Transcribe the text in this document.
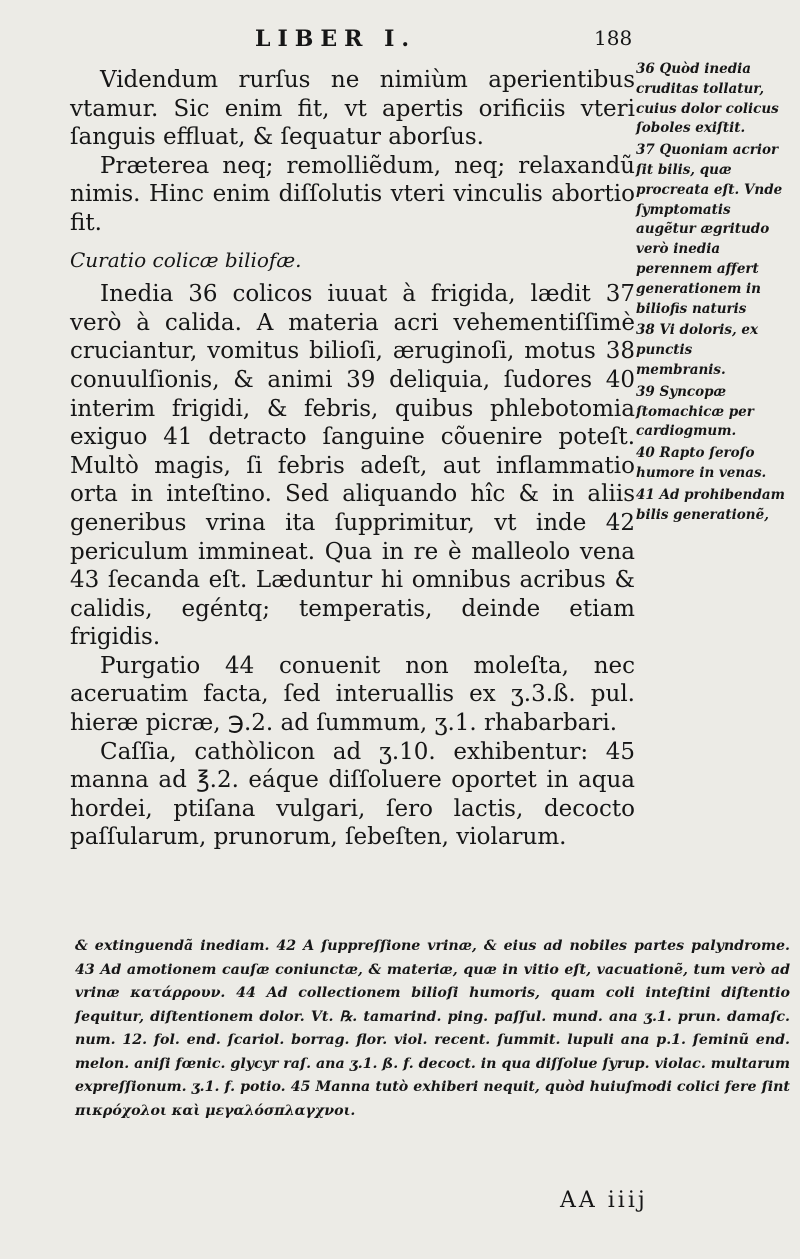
LIBER I.	188

Videndum rurſus ne nimiùm aperientibus vtamur. Sic enim fit, vt apertis orificiis vteri ſanguis effluat, & ſequatur aborſus.

Præterea neq; remolliẽdum, neq; relaxandũ nimis. Hinc enim diſſolutis vteri vinculis abortio fit.

Curatio colicæ biliofæ.

Inedia 36 colicos iuuat à frigida, lædit 37 verò à calida. A materia acri vehementiſſimè cruciantur, vomitus bilioſi, æruginoſi, motus 38 conuulſionis, & animi 39 deliquia, ſudores 40 interim frigidi, & febris, quibus phlebotomia exiguo 41 detracto ſanguine cõuenire poteſt. Multò magis, ſi febris adeſt, aut inflammatio orta in inteſtino. Sed aliquando hîc & in aliis generibus vrina ita ſupprimitur, vt inde 42 periculum immineat. Qua in re è malleolo vena 43 ſecanda eſt. Læduntur hi omnibus acribus & calidis, egéntq; temperatis, deinde etiam frigidis.

Purgatio 44 conuenit non moleſta, nec aceruatim facta, ſed interuallis ex ʒ.3.ß. pul. hieræ picræ, ℈.2. ad ſummum, ʒ.1. rhabarbari.

Caſſia, cathòlicon ad ʒ.10. exhibentur: 45 manna ad ℥.2. eáque diſſoluere oportet in aqua hordei, ptiſana vulgari, ſero lactis, decocto paſſularum, prunorum, ſebeſten, violarum.

36 Quòd inedia cruditas tollatur, cuius dolor colicus ſoboles exiſtit.

37 Quoniam acrior ſit bilis, quæ procreata eſt. Vnde ſymptomatis augẽtur ægritudo verò inedia perennem affert generationem in biliofis naturis

38 Vi doloris, ex punctis membranis.

39 Syncopæ ſtomachicæ per cardiogmum.

40 Rapto ſeroſo humore in venas.

41 Ad prohibendam bilis generationẽ,

& extinguendã inediam. 42 A ſuppreſſione vrinæ, & eius ad nobiles partes palyndrome. 43 Ad amotionem cauſæ coniunctæ, & materiæ, quæ in vitio eſt, vacuationẽ, tum verò ad vrinæ κατάρρουν. 44 Ad collectionem bilioſi humoris, quam coli inteſtini diſtentio ſequitur, diſtentionem dolor. Vt. ℞. tamarind. ping. paſſul. mund. ana ʒ.1. prun. damaſc. num. 12. fol. end. ſcariol. borrag. flor. viol. recent. ſummit. lupuli ana p.1. ſeminũ end. melon. aniſi fœnic. glycyr raſ. ana ʒ.1. ß. f. decoct. in qua diſſolue ſyrup. violac. multarum expreſſionum. ʒ.1. f. potio. 45 Manna tutò exhiberi nequit, quòd huiuſmodi colici fere ſint πικρόχολοι καὶ μεγαλόσπλαγχνοι.

AA iiij
